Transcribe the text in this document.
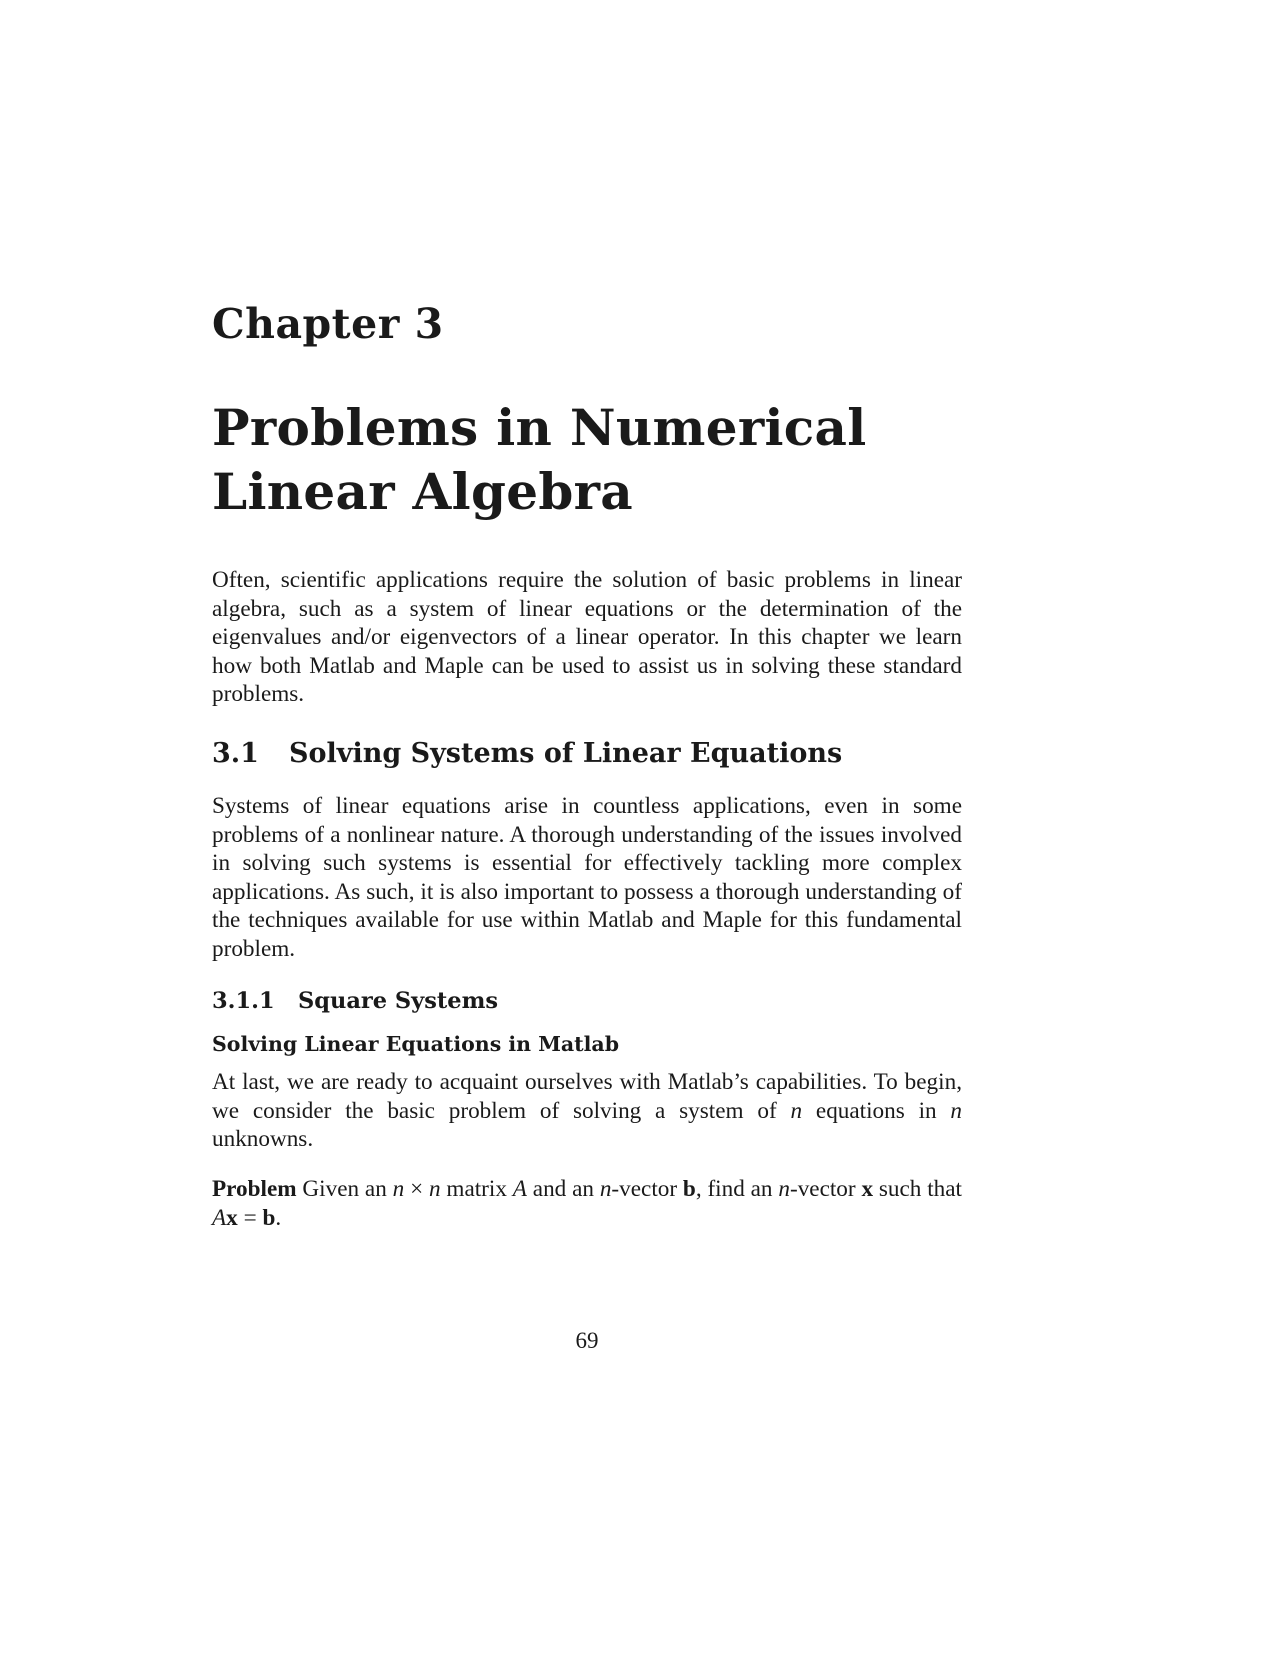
Chapter 3
Problems in Numerical Linear Algebra

Often, scientific applications require the solution of basic problems in linear algebra, such as a system of linear equations or the determination of the eigenvalues and/or eigenvectors of a linear operator. In this chapter we learn how both Matlab and Maple can be used to assist us in solving these standard problems.

3.1 Solving Systems of Linear Equations

Systems of linear equations arise in countless applications, even in some problems of a nonlinear nature. A thorough understanding of the issues involved in solving such systems is essential for effectively tackling more complex applications. As such, it is also important to possess a thorough understanding of the techniques available for use within Matlab and Maple for this fundamental problem.

3.1.1 Square Systems
Solving Linear Equations in Matlab

At last, we are ready to acquaint ourselves with Matlab’s capabilities. To begin, we consider the basic problem of solving a system of n equations in n unknowns.

Problem Given an n × n matrix A and an n-vector b, find an n-vector x such that Ax = b.

69
